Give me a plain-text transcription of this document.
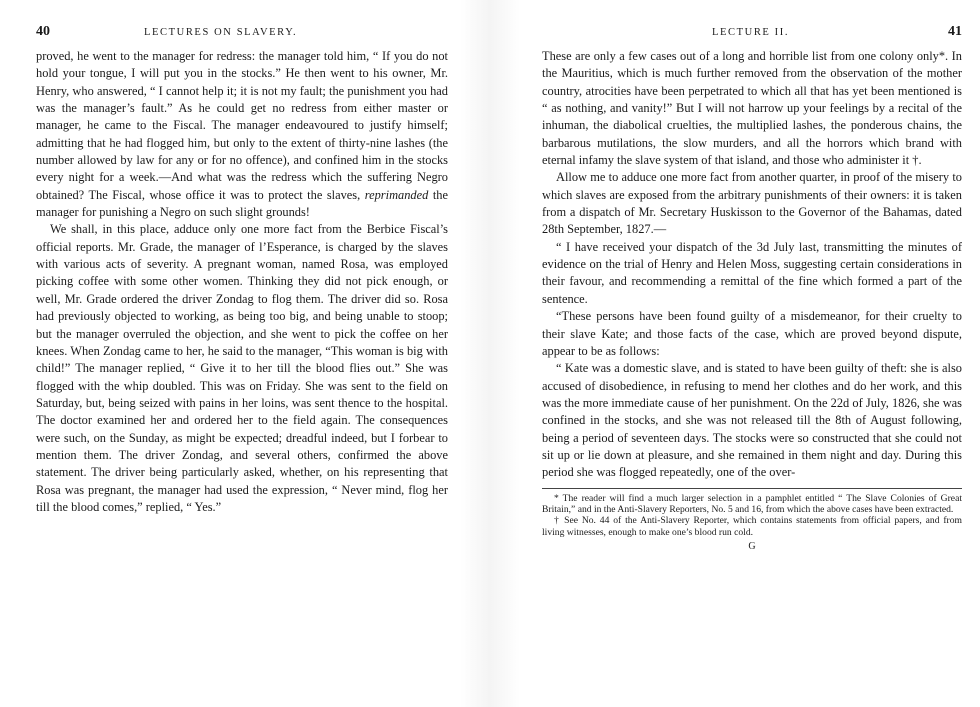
40	LECTURES ON SLAVERY.

proved, he went to the manager for redress: the manager told him, “ If you do not hold your tongue, I will put you in the stocks.” He then went to his owner, Mr. Henry, who answered, “ I cannot help it; it is not my fault; the punishment you had was the manager’s fault.” As he could get no redress from either master or manager, he came to the Fiscal. The manager endeavoured to justify himself; admitting that he had flogged him, but only to the extent of thirty-nine lashes (the number allowed by law for any or for no offence), and confined him in the stocks every night for a week.—And what was the redress which the suffering Negro obtained? The Fiscal, whose office it was to protect the slaves, reprimanded the manager for punishing a Negro on such slight grounds!

We shall, in this place, adduce only one more fact from the Berbice Fiscal’s official reports. Mr. Grade, the manager of l’Esperance, is charged by the slaves with various acts of severity. A pregnant woman, named Rosa, was employed picking coffee with some other women. Thinking they did not pick enough, or well, Mr. Grade ordered the driver Zondag to flog them. The driver did so. Rosa had previously objected to working, as being too big, and being unable to stoop; but the manager overruled the objection, and she went to pick the coffee on her knees. When Zondag came to her, he said to the manager, “This woman is big with child!” The manager replied, “ Give it to her till the blood flies out.” She was flogged with the whip doubled. This was on Friday. She was sent to the field on Saturday, but, being seized with pains in her loins, was sent thence to the hospital. The doctor examined her and ordered her to the field again. The consequences were such, on the Sunday, as might be expected; dreadful indeed, but I forbear to mention them. The driver Zondag, and several others, confirmed the above statement. The driver being particularly asked, whether, on his representing that Rosa was pregnant, the manager had used the expression, “ Never mind, flog her till the blood comes,” replied, “ Yes.”

LECTURE II.	41

These are only a few cases out of a long and horrible list from one colony only*. In the Mauritius, which is much further removed from the observation of the mother country, atrocities have been perpetrated to which all that has yet been mentioned is “ as nothing, and vanity!” But I will not harrow up your feelings by a recital of the inhuman, the diabolical cruelties, the multiplied lashes, the ponderous chains, the barbarous mutilations, the slow murders, and all the horrors which brand with eternal infamy the slave system of that island, and those who administer it †.

Allow me to adduce one more fact from another quarter, in proof of the misery to which slaves are exposed from the arbitrary punishments of their owners: it is taken from a dispatch of Mr. Secretary Huskisson to the Governor of the Bahamas, dated 28th September, 1827.—

“ I have received your dispatch of the 3d July last, transmitting the minutes of evidence on the trial of Henry and Helen Moss, suggesting certain considerations in their favour, and recommending a remittal of the fine which formed a part of the sentence.

“These persons have been found guilty of a misdemeanor, for their cruelty to their slave Kate; and those facts of the case, which are proved beyond dispute, appear to be as follows:

“ Kate was a domestic slave, and is stated to have been guilty of theft: she is also accused of disobedience, in refusing to mend her clothes and do her work, and this was the more immediate cause of her punishment. On the 22d of July, 1826, she was confined in the stocks, and she was not released till the 8th of August following, being a period of seventeen days. The stocks were so constructed that she could not sit up or lie down at pleasure, and she remained in them night and day. During this period she was flogged repeatedly, one of the over-

* The reader will find a much larger selection in a pamphlet entitled “ The Slave Colonies of Great Britain,” and in the Anti-Slavery Reporters, No. 5 and 16, from which the above cases have been extracted.

† See No. 44 of the Anti-Slavery Reporter, which contains statements from official papers, and from living witnesses, enough to make one’s blood run cold.

G
